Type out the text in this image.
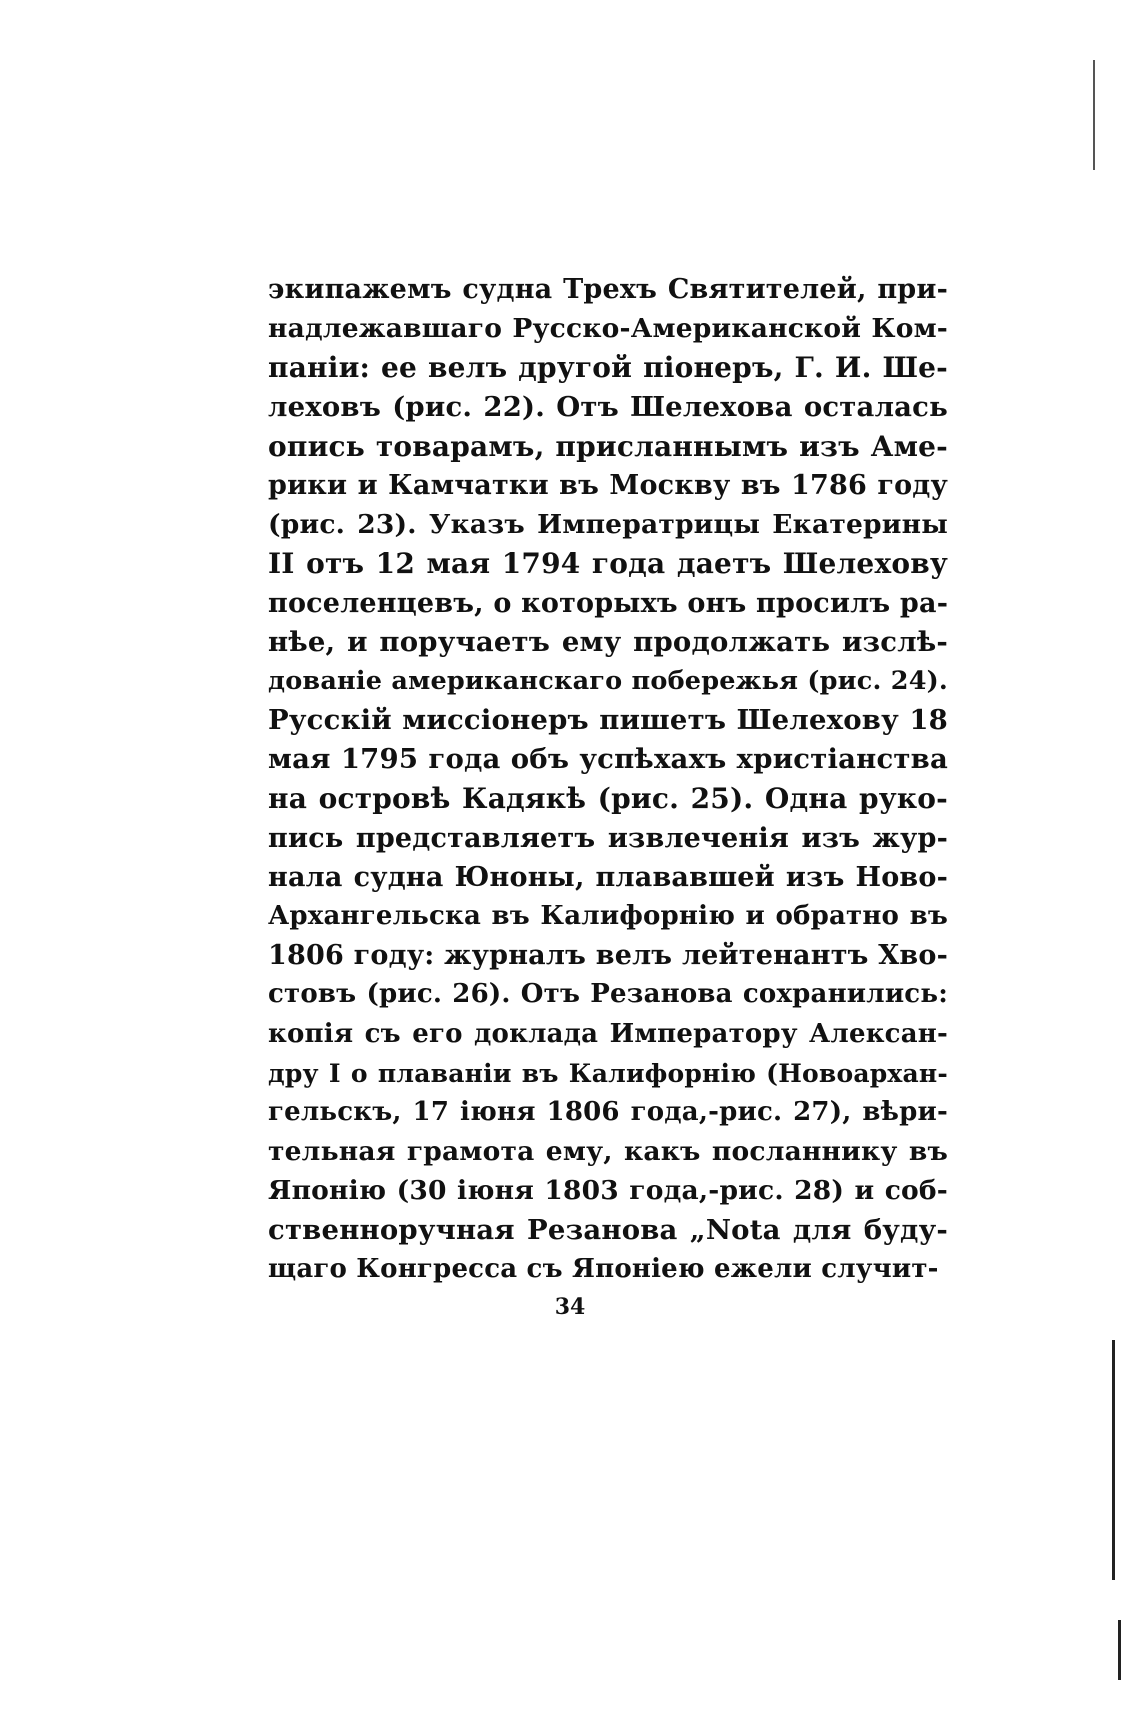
экипажемъ судна Трехъ Святителей, при-
надлежавшаго Русско-Американской Ком-
паніи: ее велъ другой піонеръ, Г. И. Ше-
леховъ (рис. 22). Отъ Шелехова осталась
опись товарамъ, присланнымъ изъ Аме-
рики и Камчатки въ Москву въ 1786 году
(рис. 23). Указъ Императрицы Екатерины
II отъ 12 мая 1794 года даетъ Шелехову
поселенцевъ, о которыхъ онъ просилъ ра-
нѣе, и поручаетъ ему продолжать изслѣ-
дованіе американскаго побережья (рис. 24).
Русскій миссіонеръ пишетъ Шелехову 18
мая 1795 года объ успѣхахъ христіанства
на островѣ Кадякѣ (рис. 25). Одна руко-
пись представляетъ извлеченія изъ жур-
нала судна Юноны, плававшей изъ Ново-
Архангельска въ Калифорнію и обратно въ
1806 году: журналъ велъ лейтенантъ Хво-
стовъ (рис. 26). Отъ Резанова сохранились:
копія съ его доклада Императору Алексан-
дру I о плаваніи въ Калифорнію (Новоархан-
гельскъ, 17 іюня 1806 года,-рис. 27), вѣри-
тельная грамота ему, какъ посланнику въ
Японію (30 іюня 1803 года,-рис. 28) и соб-
ственноручная Резанова „Nota для буду-
щаго Конгресса съ Японіею ежели случит-
34
